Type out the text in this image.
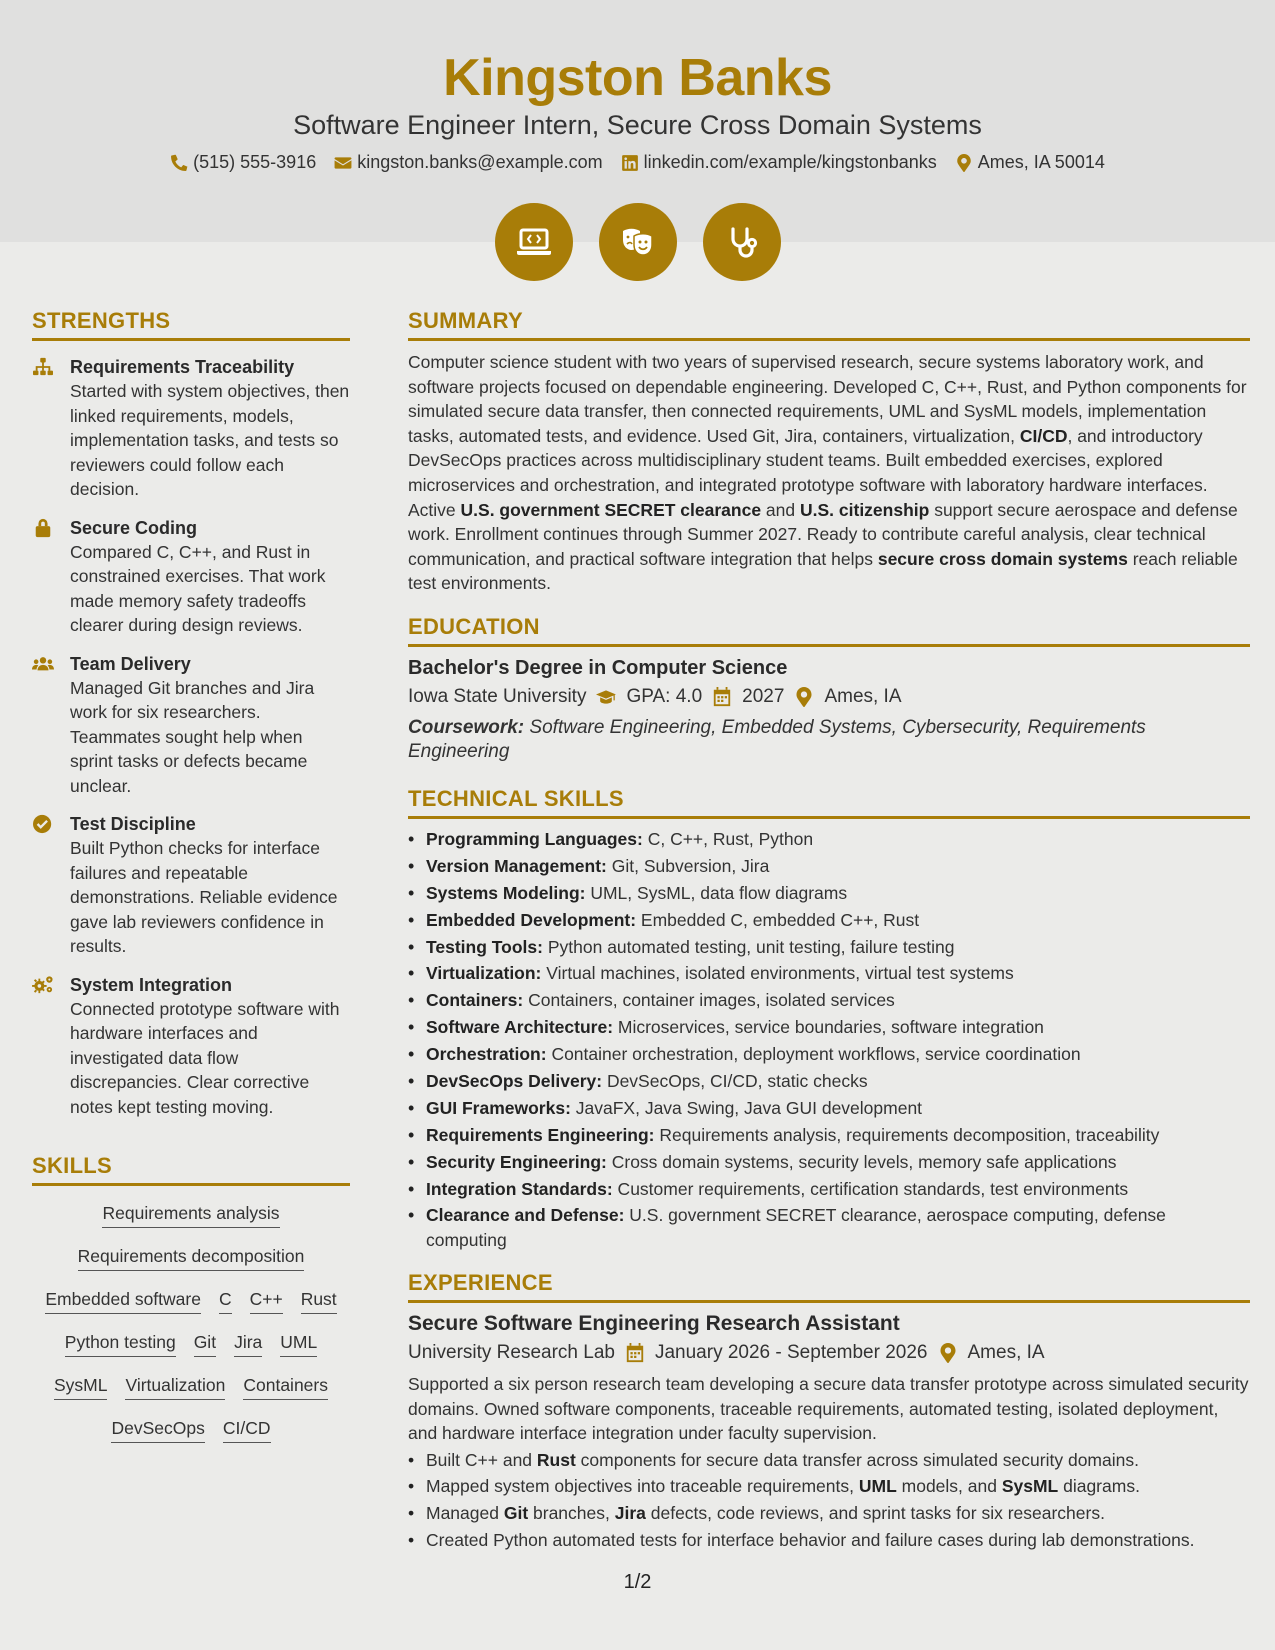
Kingston Banks
Software Engineer Intern, Secure Cross Domain Systems
(515) 555-3916 kingston.banks@example.com linkedin.com/example/kingstonbanks Ames, IA 50014
STRENGTHS
Requirements Traceability
Started with system objectives, then linked requirements, models, implementation tasks, and tests so reviewers could follow each decision.
Secure Coding
Compared C, C++, and Rust in constrained exercises. That work made memory safety tradeoffs clearer during design reviews.
Team Delivery
Managed Git branches and Jira work for six researchers. Teammates sought help when sprint tasks or defects became unclear.
Test Discipline
Built Python checks for interface failures and repeatable demonstrations. Reliable evidence gave lab reviewers confidence in results.
System Integration
Connected prototype software with hardware interfaces and investigated data flow discrepancies. Clear corrective notes kept testing moving.
SKILLS
Requirements analysis
Requirements decomposition
Embedded software C C++ Rust
Python testing Git Jira UML
SysML Virtualization Containers
DevSecOps CI/CD
SUMMARY
Computer science student with two years of supervised research, secure systems laboratory work, and software projects focused on dependable engineering. Developed C, C++, Rust, and Python components for simulated secure data transfer, then connected requirements, UML and SysML models, implementation tasks, automated tests, and evidence. Used Git, Jira, containers, virtualization, CI/CD, and introductory DevSecOps practices across multidisciplinary student teams. Built embedded exercises, explored microservices and orchestration, and integrated prototype software with laboratory hardware interfaces. Active U.S. government SECRET clearance and U.S. citizenship support secure aerospace and defense work. Enrollment continues through Summer 2027. Ready to contribute careful analysis, clear technical communication, and practical software integration that helps secure cross domain systems reach reliable test environments.
EDUCATION
Bachelor's Degree in Computer Science
Iowa State University GPA: 4.0 2027 Ames, IA
Coursework: Software Engineering, Embedded Systems, Cybersecurity, Requirements Engineering
TECHNICAL SKILLS
• Programming Languages: C, C++, Rust, Python
• Version Management: Git, Subversion, Jira
• Systems Modeling: UML, SysML, data flow diagrams
• Embedded Development: Embedded C, embedded C++, Rust
• Testing Tools: Python automated testing, unit testing, failure testing
• Virtualization: Virtual machines, isolated environments, virtual test systems
• Containers: Containers, container images, isolated services
• Software Architecture: Microservices, service boundaries, software integration
• Orchestration: Container orchestration, deployment workflows, service coordination
• DevSecOps Delivery: DevSecOps, CI/CD, static checks
• GUI Frameworks: JavaFX, Java Swing, Java GUI development
• Requirements Engineering: Requirements analysis, requirements decomposition, traceability
• Security Engineering: Cross domain systems, security levels, memory safe applications
• Integration Standards: Customer requirements, certification standards, test environments
• Clearance and Defense: U.S. government SECRET clearance, aerospace computing, defense computing
EXPERIENCE
Secure Software Engineering Research Assistant
University Research Lab January 2026 - September 2026 Ames, IA
Supported a six person research team developing a secure data transfer prototype across simulated security domains. Owned software components, traceable requirements, automated testing, isolated deployment, and hardware interface integration under faculty supervision.
• Built C++ and Rust components for secure data transfer across simulated security domains.
• Mapped system objectives into traceable requirements, UML models, and SysML diagrams.
• Managed Git branches, Jira defects, code reviews, and sprint tasks for six researchers.
• Created Python automated tests for interface behavior and failure cases during lab demonstrations.
1/2
